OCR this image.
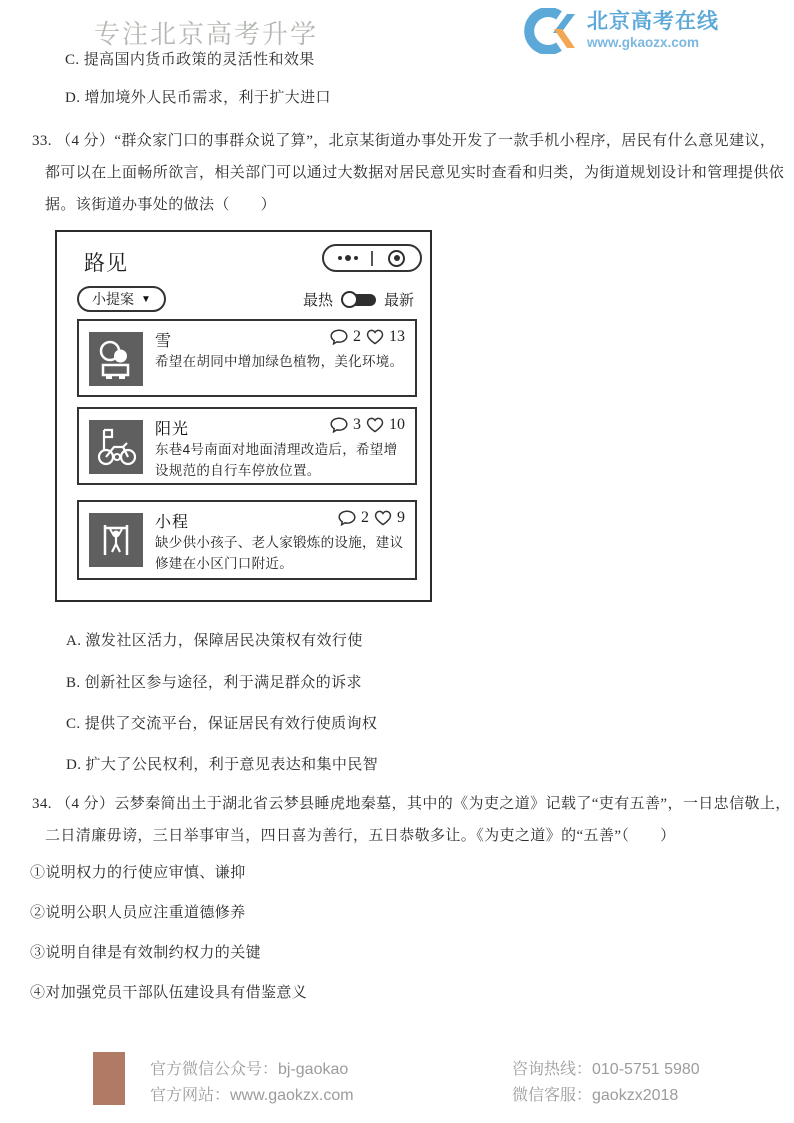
专注北京高考升学	北京高考在线
www.gkaozx.com
C. 提高国内货币政策的灵活性和效果
D. 增加境外人民币需求，利于扩大进口
33. （4 分）“群众家门口的事群众说了算”，北京某街道办事处开发了一款手机小程序，居民有什么意见建议，
都可以在上面畅所欲言，相关部门可以通过大数据对居民意见实时查看和归类，为街道规划设计和管理提供依
据。该街道办事处的做法（　　）
路见
小提案 ▼	最热	最新
雪	2 13
希望在胡同中增加绿色植物，美化环境。
阳光	3 10
东巷4号南面对地面清理改造后，希望增设规范的自行车停放位置。
小程	2 9
缺少供小孩子、老人家锻炼的设施，建议修建在小区门口附近。
A. 激发社区活力，保障居民决策权有效行使
B. 创新社区参与途径，利于满足群众的诉求
C. 提供了交流平台，保证居民有效行使质询权
D. 扩大了公民权利，利于意见表达和集中民智
34. （4 分）云梦秦简出土于湖北省云梦县睡虎地秦墓，其中的《为吏之道》记载了“吏有五善”，一日忠信敬上，
二日清廉毋谤，三日举事审当，四日喜为善行，五日恭敬多让。《为吏之道》的“五善”（　　）
①说明权力的行使应审慎、谦抑
②说明公职人员应注重道德修养
③说明自律是有效制约权力的关键
④对加强党员干部队伍建设具有借鉴意义
官方微信公众号：bj-gaokao
官方网站：www.gaokzx.com
咨询热线：010-5751 5980
微信客服：gaokzx2018
